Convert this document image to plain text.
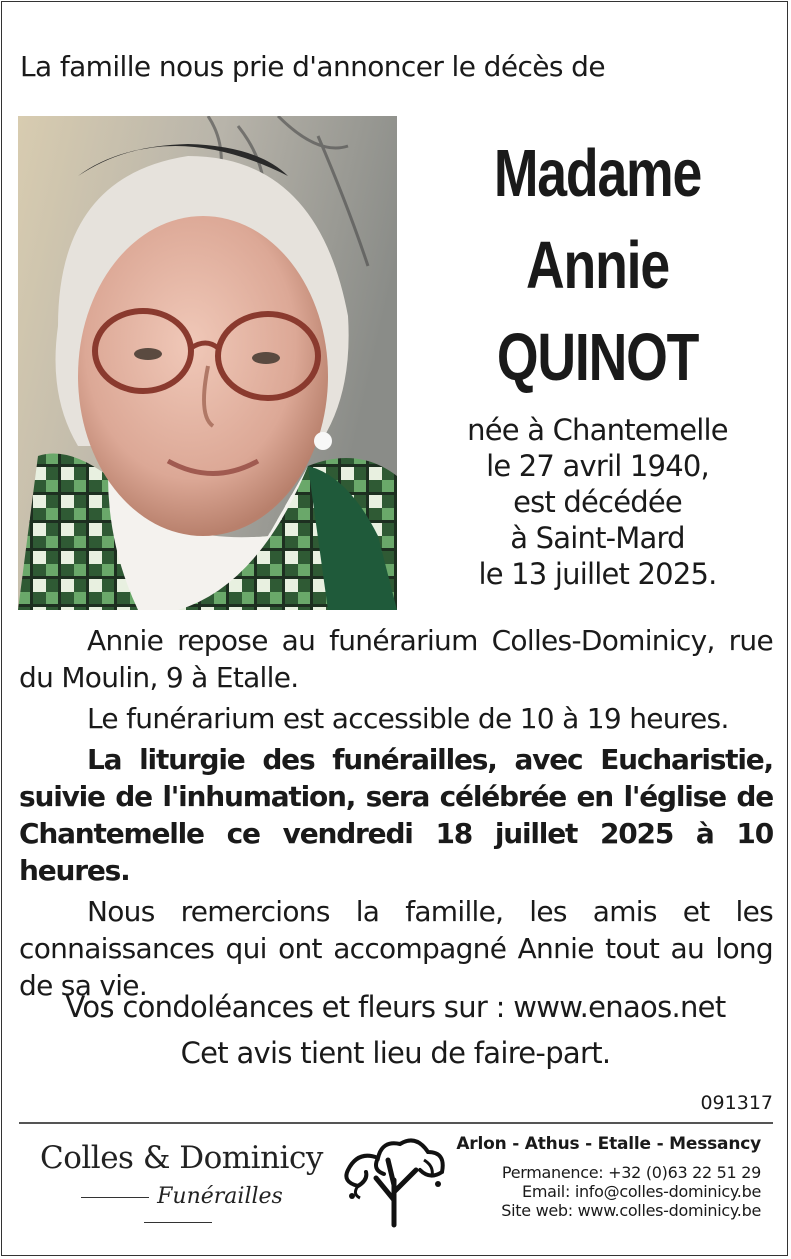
La famille nous prie d'annoncer le décès de
Madame
Annie
QUINOT
née à Chantemelle
le 27 avril 1940,
est décédée
à Saint-Mard
le 13 juillet 2025.

Annie repose au funérarium Colles-Dominicy, rue du Moulin, 9 à Etalle.

Le funérarium est accessible de 10 à 19 heures.

La liturgie des funérailles, avec Eucharistie, suivie de l'inhumation, sera célébrée en l'église de Chantemelle ce vendredi 18 juillet 2025 à 10 heures.

Nous remercions la famille, les amis et les connaissances qui ont accompagné Annie tout au long de sa vie.

Vos condoléances et fleurs sur : www.enaos.net
Cet avis tient lieu de faire-part.
091317
Colles & Dominicy
Funérailles
Arlon - Athus - Etalle - Messancy
Permanence: +32 (0)63 22 51 29
Email: info@colles-dominicy.be
Site web: www.colles-dominicy.be
